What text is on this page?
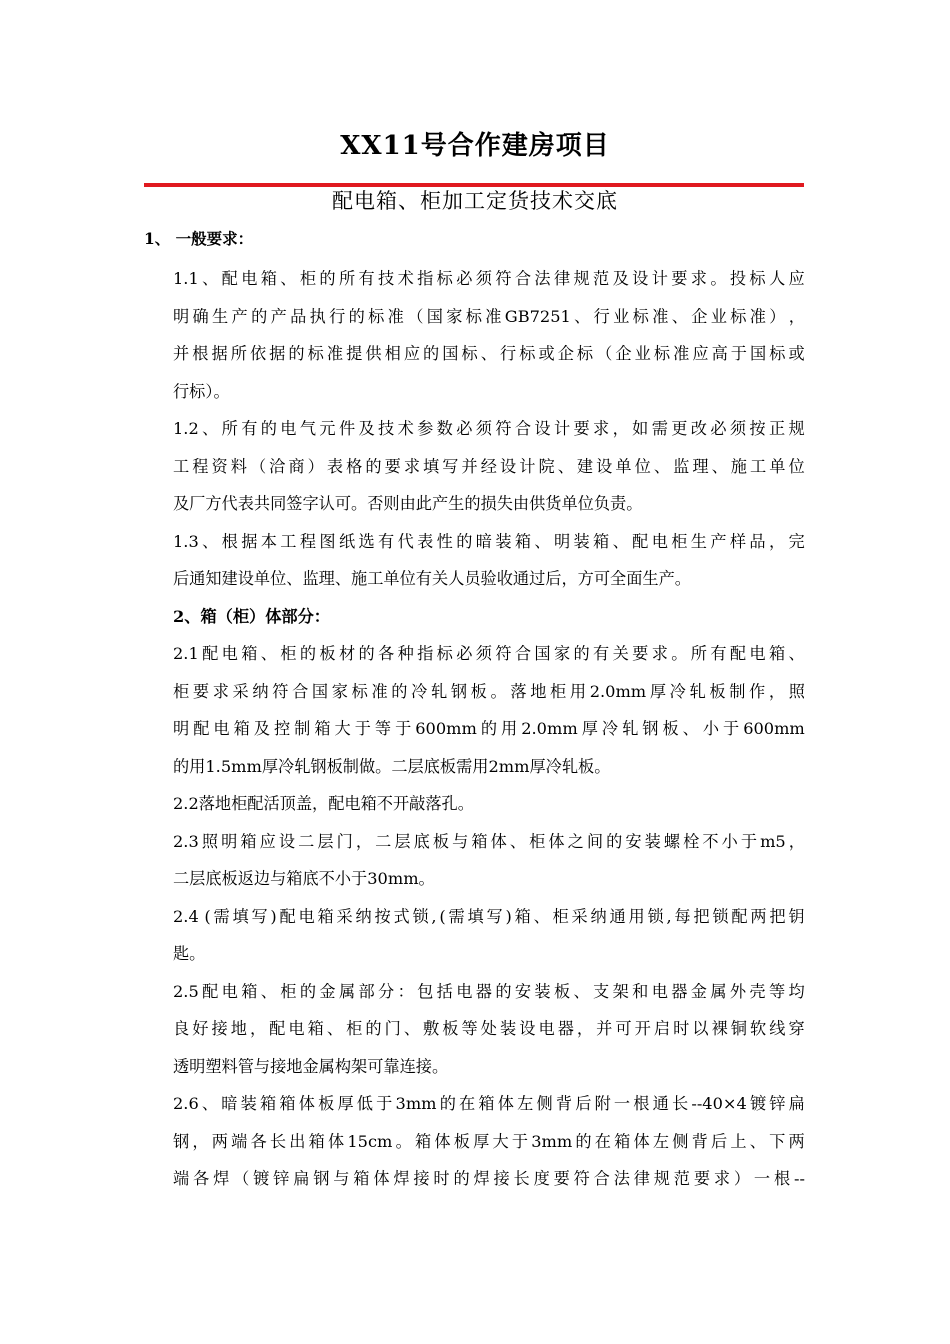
XX11号合作建房项目
配电箱、柜加工定货技术交底
1、 一般要求：
1.1 、 配 电 箱 、 柜 的 所 有 技 术 指 标 必 须 符 合 法 律 规 范 及 设 计 要 求 。 投 标 人 应
明 确 生 产 的 产 品 执 行 的 标 准 （ 国 家 标 准 GB7251 、 行 业 标 准 、 企 业 标 准 ） ，
并 根 据 所 依 据 的 标 准 提 供 相 应 的 国 标 、 行 标 或 企 标 （ 企 业 标 准 应 高 于 国 标 或
行标）。
1.2 、 所 有 的 电 气 元 件 及 技 术 参 数 必 须 符 合 设 计 要 求 ， 如 需 更 改 必 须 按 正 规
工 程 资 料 （ 洽 商 ） 表 格 的 要 求 填 写 并 经 设 计 院 、 建 设 单 位 、 监 理 、 施 工 单 位
及厂方代表共同签字认可。否则由此产生的损失由供货单位负责。
1.3 、 根 据 本 工 程 图 纸 选 有 代 表 性 的 暗 装 箱 、 明 装 箱 、 配 电 柜 生 产 样 品 ， 完
后通知建设单位、监理、施工单位有关人员验收通过后，方可全面生产。
2、箱（柜）体部分：
2.1 配 电 箱 、 柜 的 板 材 的 各 种 指 标 必 须 符 合 国 家 的 有 关 要 求 。 所 有 配 电 箱 、
柜 要 求 采 纳 符 合 国 家 标 准 的 冷 轧 钢 板 。 落 地 柜 用 2.0mm 厚 冷 轧 板 制 作 ， 照
明 配 电 箱 及 控 制 箱 大 于 等 于 600mm 的 用 2.0mm 厚 冷 轧 钢 板 、 小 于 600mm
的用1.5mm厚冷轧钢板制做。二层底板需用2mm厚冷轧板。
2.2落地柜配活顶盖，配电箱不开敲落孔。
2.3 照 明 箱 应 设 二 层 门 ， 二 层 底 板 与 箱 体 、 柜 体 之 间 的 安 装 螺 栓 不 小 于 m5 ，
二层底板返边与箱底不小于30mm。
2.4 ( 需 填 写 ) 配 电 箱 采 纳 按 式 锁 , ( 需 填 写 ) 箱 、 柜 采 纳 通 用 锁 , 每 把 锁 配 两 把 钥
匙。
2.5 配 电 箱 、 柜 的 金 属 部 分 ： 包 括 电 器 的 安 装 板 、 支 架 和 电 器 金 属 外 壳 等 均
良 好 接 地 ， 配 电 箱 、 柜 的 门 、 敷 板 等 处 装 设 电 器 ， 并 可 开 启 时 以 裸 铜 软 线 穿
透明塑料管与接地金属构架可靠连接。
2.6 、 暗 装 箱 箱 体 板 厚 低 于 3mm 的 在 箱 体 左 侧 背 后 附 一 根 通 长 --40×4 镀 锌 扁
钢 ， 两 端 各 长 出 箱 体 15cm 。 箱 体 板 厚 大 于 3mm 的 在 箱 体 左 侧 背 后 上 、 下 两
端 各 焊 （ 镀 锌 扁 钢 与 箱 体 焊 接 时 的 焊 接 长 度 要 符 合 法 律 规 范 要 求 ） 一 根 --
